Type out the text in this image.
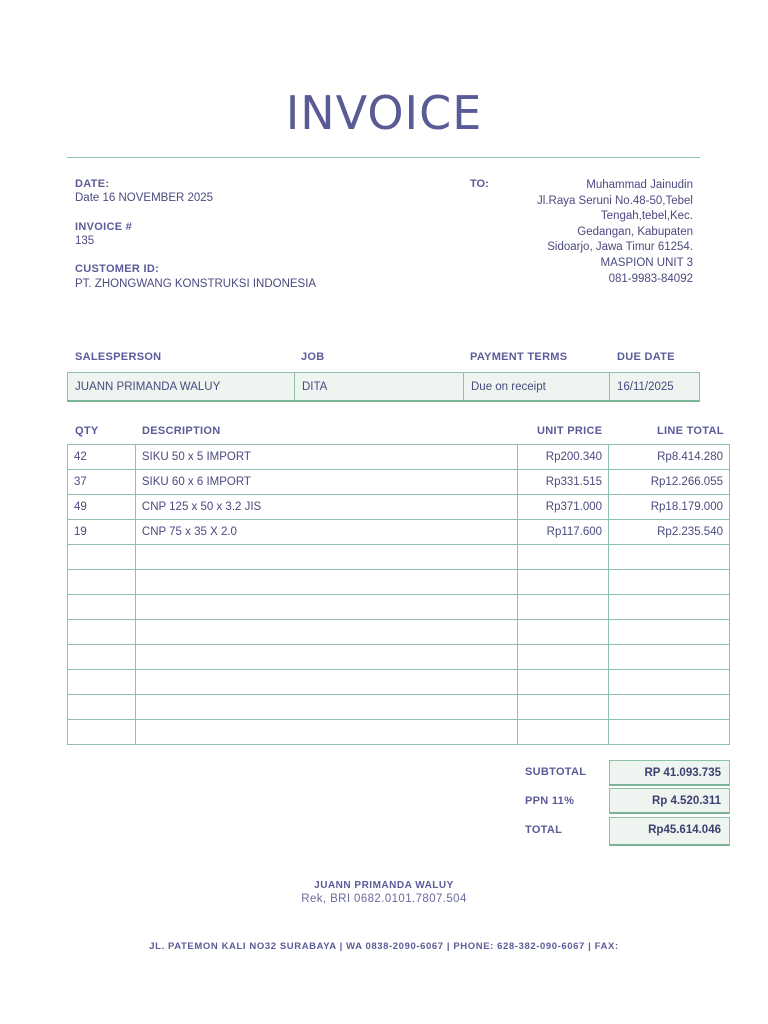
INVOICE
DATE:
Date 16 NOVEMBER 2025
INVOICE #
135
CUSTOMER ID:
PT. ZHONGWANG KONSTRUKSI INDONESIA
TO:	Muhammad Jainudin
Jl.Raya Seruni No.48-50,Tebel
Tengah,tebel,Kec.
Gedangan, Kabupaten
Sidoarjo, Jawa Timur 61254.
MASPION UNIT 3
081-9983-84092
SALESPERSON	JOB	PAYMENT TERMS	DUE DATE
JUANN PRIMANDA WALUY	DITA	Due on receipt	16/11/2025
QTY	DESCRIPTION	UNIT PRICE	LINE TOTAL
42	SIKU 50 x 5 IMPORT	Rp200.340	Rp8.414.280
37	SIKU 60 x 6 IMPORT	Rp331.515	Rp12.266.055
49	CNP 125 x 50 x 3.2 JIS	Rp371.000	Rp18.179.000
19	CNP 75 x 35 X 2.0	Rp117.600	Rp2.235.540

SUBTOTAL	RP 41.093.735
PPN 11%	Rp 4.520.311
TOTAL	Rp45.614.046
JUANN PRIMANDA WALUY
Rek, BRI 0682.0101.7807.504
JL. PATEMON KALI NO32 SURABAYA | WA 0838-2090-6067 | PHONE: 628-382-090-6067 | FAX:
